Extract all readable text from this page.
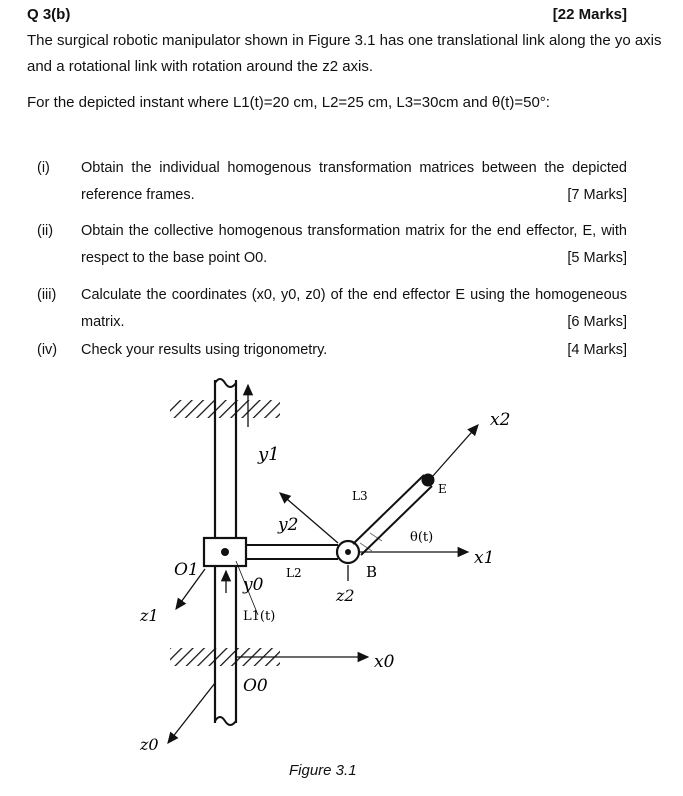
Q 3(b)	[22 Marks]
The surgical robotic manipulator shown in Figure 3.1 has one translational link along the yo axis and a rotational link with rotation around the z2 axis.
For the depicted instant where L1(t)=20 cm, L2=25 cm, L3=30cm and θ(t)=50°:
(i) Obtain the individual homogenous transformation matrices between the depicted reference frames.	[7 Marks]
(ii) Obtain the collective homogenous transformation matrix for the end effector, E, with respect to the base point O0.	[5 Marks]
(iii) Calculate the coordinates (x0, y0, z0) of the end effector E using the homogeneous matrix.	[6 Marks]
(iv) Check your results using trigonometry.	[4 Marks]
y1
y2
x2
x1
x0
z1
z2
z0
O1
O0
y0
L1(t)
L2
L3
B
E
θ(t)
Figure 3.1
